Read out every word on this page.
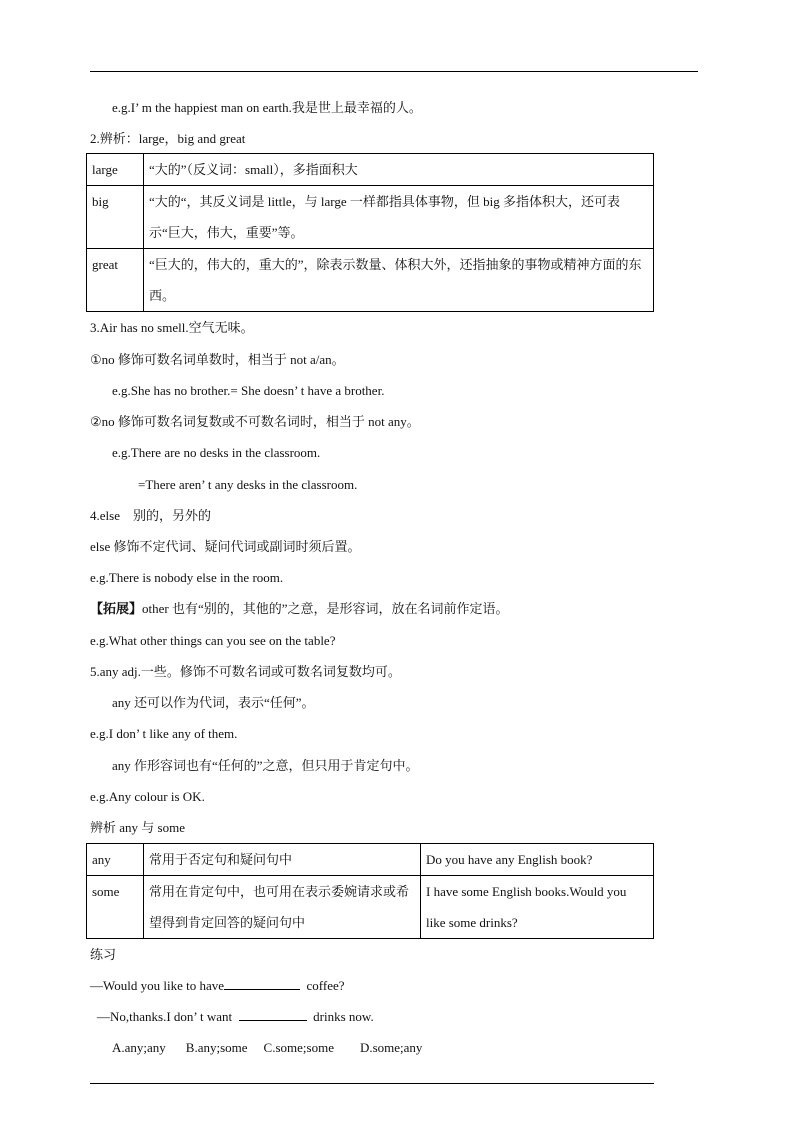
e.g.I’ m the happiest man on earth.我是世上最幸福的人。
2.辨析：large，big and great
large	“大的”（反义词：small），多指面积大
big	“大的“，其反义词是 little，与 large 一样都指具体事物，但 big 多指体积大，还可表示“巨大，伟大，重要”等。
great	“巨大的，伟大的，重大的”，除表示数量、体积大外，还指抽象的事物或精神方面的东西。
3.Air has no smell.空气无味。
①no 修饰可数名词单数时，相当于 not a/an。
e.g.She has no brother.= She doesn’ t have a brother.
②no 修饰可数名词复数或不可数名词时，相当于 not any。
e.g.There are no desks in the classroom.
=There aren’ t any desks in the classroom.
4.else　别的，另外的
else 修饰不定代词、疑问代词或副词时须后置。
e.g.There is nobody else in the room.
【拓展】other 也有“别的，其他的”之意，是形容词，放在名词前作定语。
e.g.What other things can you see on the table?
5.any adj.一些。修饰不可数名词或可数名词复数均可。
any 还可以作为代词，表示“任何”。
e.g.I don’ t like any of them.
any 作形容词也有“任何的”之意，但只用于肯定句中。
e.g.Any colour is OK.
辨析 any 与 some
any	常用于否定句和疑问句中	Do you have any English book?
some	常用在肯定句中，也可用在表示委婉请求或希望得到肯定回答的疑问句中	I have some English books.Would you like some drinks?
练习
—Would you like to have	coffee?
—No,thanks.I don’ t want	drinks now.
A.any;any B.any;some C.some;some D.some;any
